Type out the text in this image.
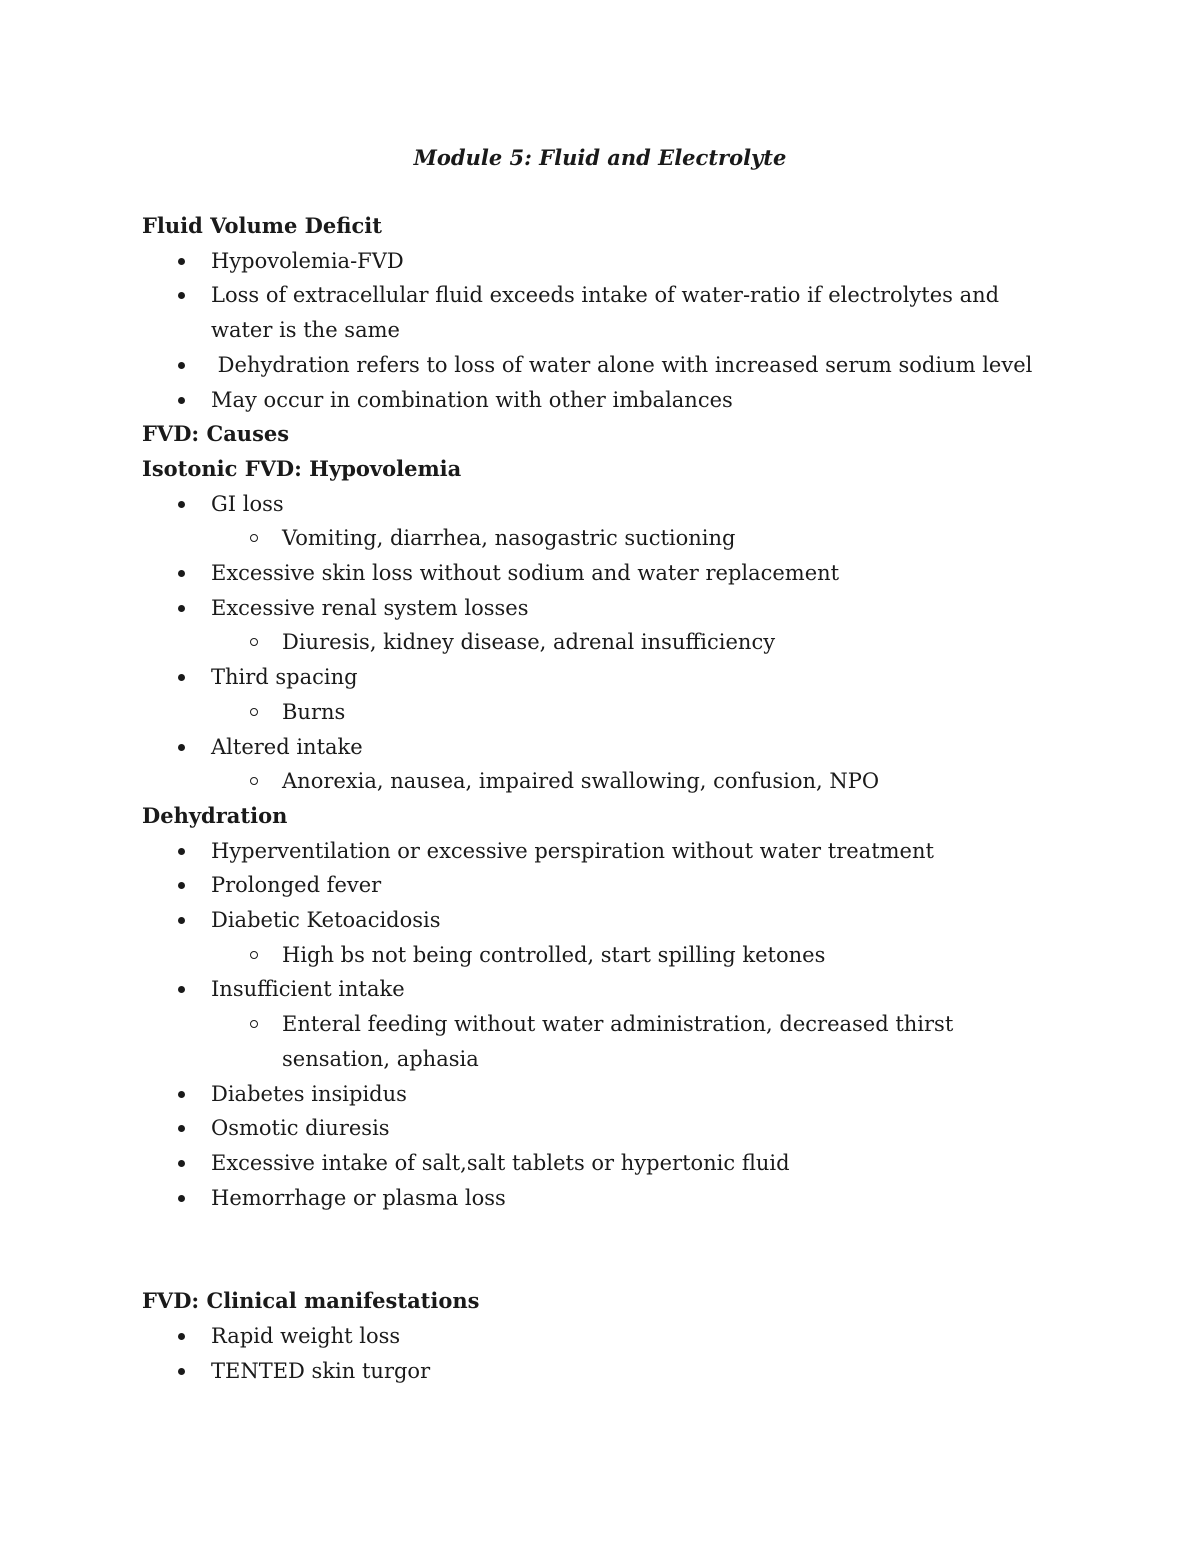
Module 5: Fluid and Electrolyte
Fluid Volume Deficit
Hypovolemia-FVD
Loss of extracellular fluid exceeds intake of water-ratio if electrolytes and
water is the same
Dehydration refers to loss of water alone with increased serum sodium level
May occur in combination with other imbalances
FVD: Causes
Isotonic FVD: Hypovolemia
GI loss
Vomiting, diarrhea, nasogastric suctioning
Excessive skin loss without sodium and water replacement
Excessive renal system losses
Diuresis, kidney disease, adrenal insufficiency
Third spacing
Burns
Altered intake
Anorexia, nausea, impaired swallowing, confusion, NPO
Dehydration
Hyperventilation or excessive perspiration without water treatment
Prolonged fever
Diabetic Ketoacidosis
High bs not being controlled, start spilling ketones
Insufficient intake
Enteral feeding without water administration, decreased thirst
sensation, aphasia
Diabetes insipidus
Osmotic diuresis
Excessive intake of salt,salt tablets or hypertonic fluid
Hemorrhage or plasma loss
FVD: Clinical manifestations
Rapid weight loss
TENTED skin turgor
